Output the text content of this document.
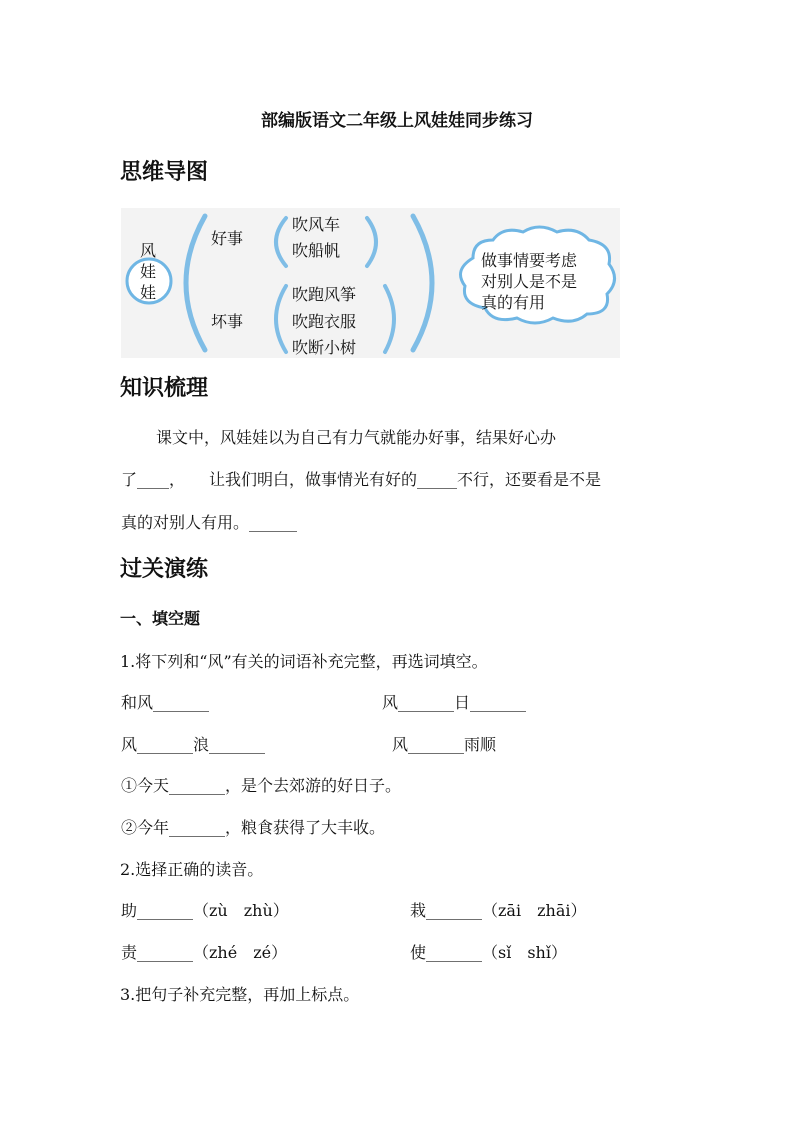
部编版语文二年级上风娃娃同步练习
思维导图
风
娃
娃
好事
吹风车
吹船帆
坏事
吹跑风筝
吹跑衣服
吹断小树
做事情要考虑
对别人是不是
真的有用
知识梳理
课文中，风娃娃以为自己有力气就能办好事，结果好心办
了____， 让我们明白，做事情光有好的_____不行，还要看是不是
真的对别人有用。______
过关演练
一、填空题
1.将下列和“风”有关的词语补充完整，再选词填空。
和风_______	风_______日_______
风_______浪_______	风_______雨顺
①今天_______，是个去郊游的好日子。
②今年_______，粮食获得了大丰收。
2.选择正确的读音。
助_______（zù　zhù）	栽_______（zāi　zhāi）
责_______（zhé　zé）	使_______（sǐ　shǐ）
3.把句子补充完整，再加上标点。
